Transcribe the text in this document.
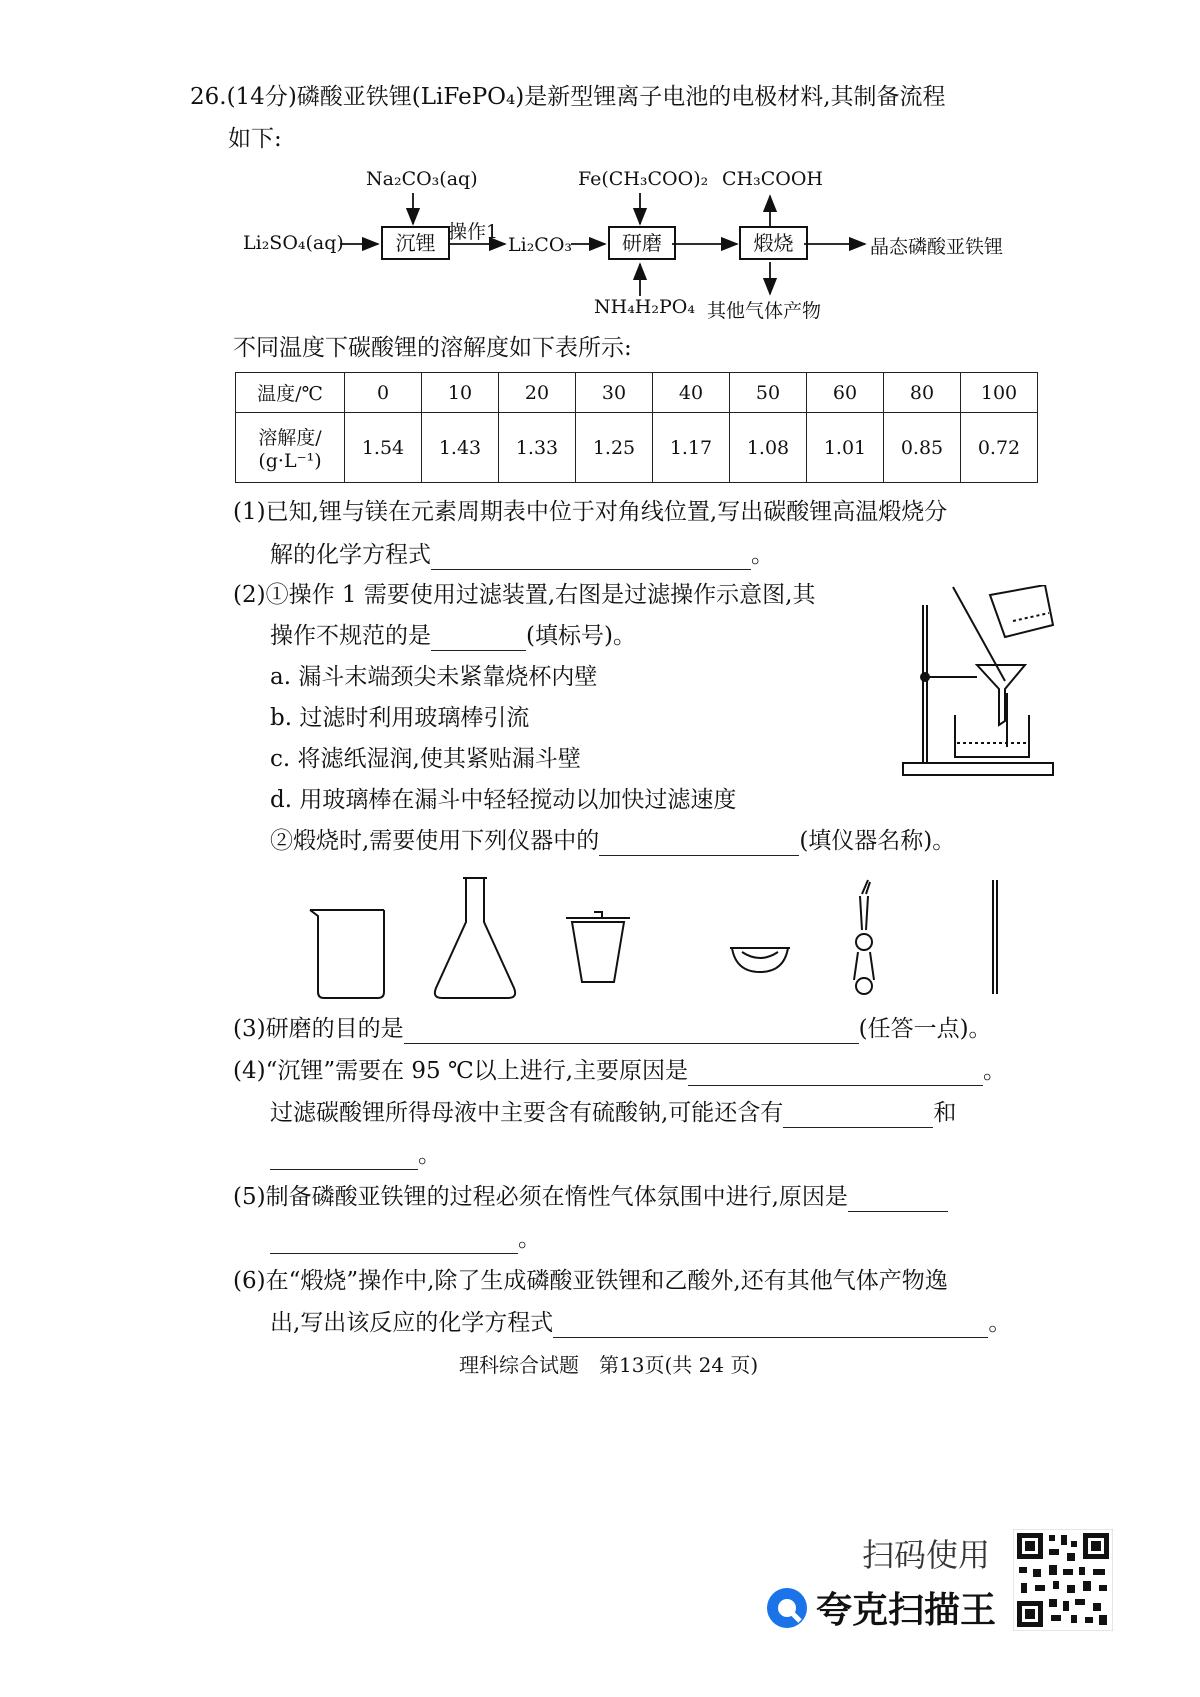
26.(14分)磷酸亚铁锂(LiFePO₄)是新型锂离子电池的电极材料,其制备流程
如下:
Na₂CO₃(aq)
Li₂SO₄(aq)	沉锂 操作1
Li₂CO₃
Fe(CH₃COO)₂
研磨
NH₄H₂PO₄
CH₃COOH
煅烧	晶态磷酸亚铁锂
其他气体产物
不同温度下碳酸锂的溶解度如下表所示:
温度/℃	0	10	20	30	40	50	60	80	100

溶解度/
(g·L⁻¹)	1.54	1.43	1.33	1.25	1.17	1.08	1.01	0.85	0.72
(1)已知,锂与镁在元素周期表中位于对角线位置,写出碳酸锂高温煅烧分
解的化学方程式	。
(2)①操作 1 需要使用过滤装置,右图是过滤操作示意图,其
操作不规范的是	(填标号)。
a. 漏斗末端颈尖未紧靠烧杯内壁
b. 过滤时利用玻璃棒引流
c. 将滤纸湿润,使其紧贴漏斗壁
d. 用玻璃棒在漏斗中轻轻搅动以加快过滤速度
②煅烧时,需要使用下列仪器中的	(填仪器名称)。
(3)研磨的目的是	(任答一点)。
(4)“沉锂”需要在 95 ℃以上进行,主要原因是	。
过滤碳酸锂所得母液中主要含有硫酸钠,可能还含有	和
。
(5)制备磷酸亚铁锂的过程必须在惰性气体氛围中进行,原因是
。
(6)在“煅烧”操作中,除了生成磷酸亚铁锂和乙酸外,还有其他气体产物逸
出,写出该反应的化学方程式	。
理科综合试题　第13页(共 24 页)
扫码使用
夸克扫描王
